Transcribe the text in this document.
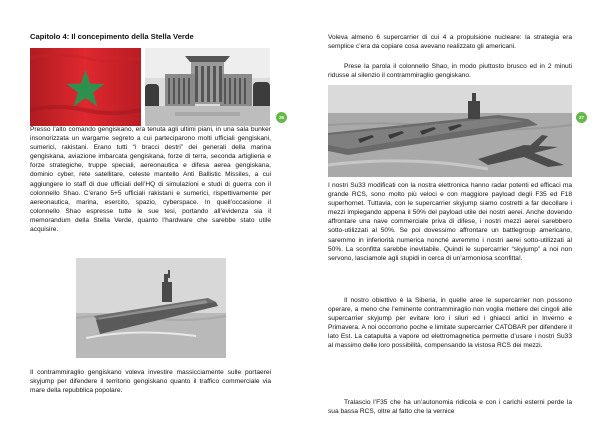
Capitolo 4: Il concepimento della Stella Verde

Presso l’alto comando gengiskano, era tenuta agli ultimi piani, in una sala bunker insonorizzata un wargame segreto a cui parteciparono molti ufficiali gengiskani, sumerici, rakistani. Erano tutti “i bracci destri” dei generali della marina gengiskana, aviazione imbarcata gengiskana, forze di terra, seconda artiglieria e forze strategiche, truppe speciali, aereonautica e difesa aerea gengiskana, dominio cyber, rete satellitare, celeste mantello Anti Ballistic Missiles, a cui aggiungere lo staff di due ufficiali dell’HQ di simulazioni e studi di guerra con il colonnello Shao. C’erano 5+5 ufficiali rakistani e sumerici, rispettivamente per aereonautica, marina, esercito, spazio, cyberspace. In quell’occasione il colonnello Shao espresse tutte le sue tesi, portando all’evidenza sia il memorandum della Stella Verde, quanto l’hardware che sarebbe stato utile acquisire.

Il contrammiraglio gengiskano voleva investire massicciamente sulle portaerei skyjump per difendere il territorio gengiskano quanto il traffico commerciale via mare della repubblica popolare.

26

Voleva almeno 6 supercarrier di cui 4 a propulsione nucleare: la strategia era semplice c’era da copiare cosa avevano realizzato gli americani.

Prese la parola il colonnello Shao, in modo piuttosto brusco ed in 2 minuti ridusse al silenzio il contrammiraglio gengiskano.

I nostri Su33 modificati con la nostra elettronica hanno radar potenti ed efficaci ma grande RCS, sono molto più veloci e con maggiore payload degli F35 ed F18 superhornet. Tuttavia, con le supercarrier skyjump siamo costretti a far decollare i mezzi impiegando appena il 50% del payload utile dei nostri aerei. Anche dovendo affrontare una nave commerciale priva di difese, i nostri mezzi aerei sarebbero sotto-utilizzati al 50%. Se poi dovessimo affrontare un battlegroup americano, saremmo in inferiorità numerica nonché avremmo i nostri aerei sotto-utilizzati al 50%. La sconfitta sarebbe inevitabile. Quindi le supercarrier “skyjump” a noi non servono, lasciamole agli stupidi in cerca di un’armoniosa sconfitta!.

Il nostro obiettivo è la Siberia, in quelle aree le supercarrier non possono operare, a meno che l’eminente contrammiraglio non voglia mettere dei cingoli alle supercarrier skyjump per evitare loro i siluri ed i ghiacci artici in Inverno e Primavera. A noi occorrono poche e limitate supercarrier CATOBAR per difendere il lato Est. La catapulta a vapore od elettromagnetica permette d’usare i nostri Su33 al massimo delle loro possibilità, compensando la vistosa RCS dei mezzi.

Tralascio l’F35 che ha un’autonomia ridicola e con i carichi esterni perde la sua bassa RCS, oltre al fatto che la vernice

27
